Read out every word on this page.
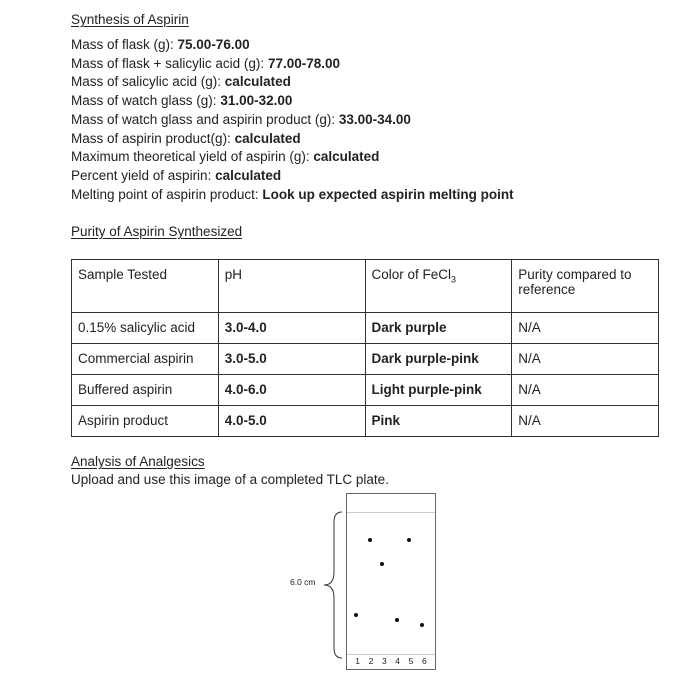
Synthesis of Aspirin
Mass of flask (g): 75.00-76.00
Mass of flask + salicylic acid (g): 77.00-78.00
Mass of salicylic acid (g): calculated
Mass of watch glass (g): 31.00-32.00
Mass of watch glass and aspirin product (g): 33.00-34.00
Mass of aspirin product(g): calculated
Maximum theoretical yield of aspirin (g): calculated
Percent yield of aspirin: calculated
Melting point of aspirin product: Look up expected aspirin melting point
Purity of Aspirin Synthesized
Sample Tested	pH	Color of FeCl$_3$	Purity compared to reference
0.15% salicylic acid	3.0-4.0	Dark purple	N/A
Commercial aspirin	3.0-5.0	Dark purple-pink	N/A
Buffered aspirin	4.0-6.0	Light purple-pink	N/A
Aspirin product	4.0-5.0	Pink	N/A
Analysis of Analgesics
Upload and use this image of a completed TLC plate.
6.0 cm
1 2 3 4 5 6
